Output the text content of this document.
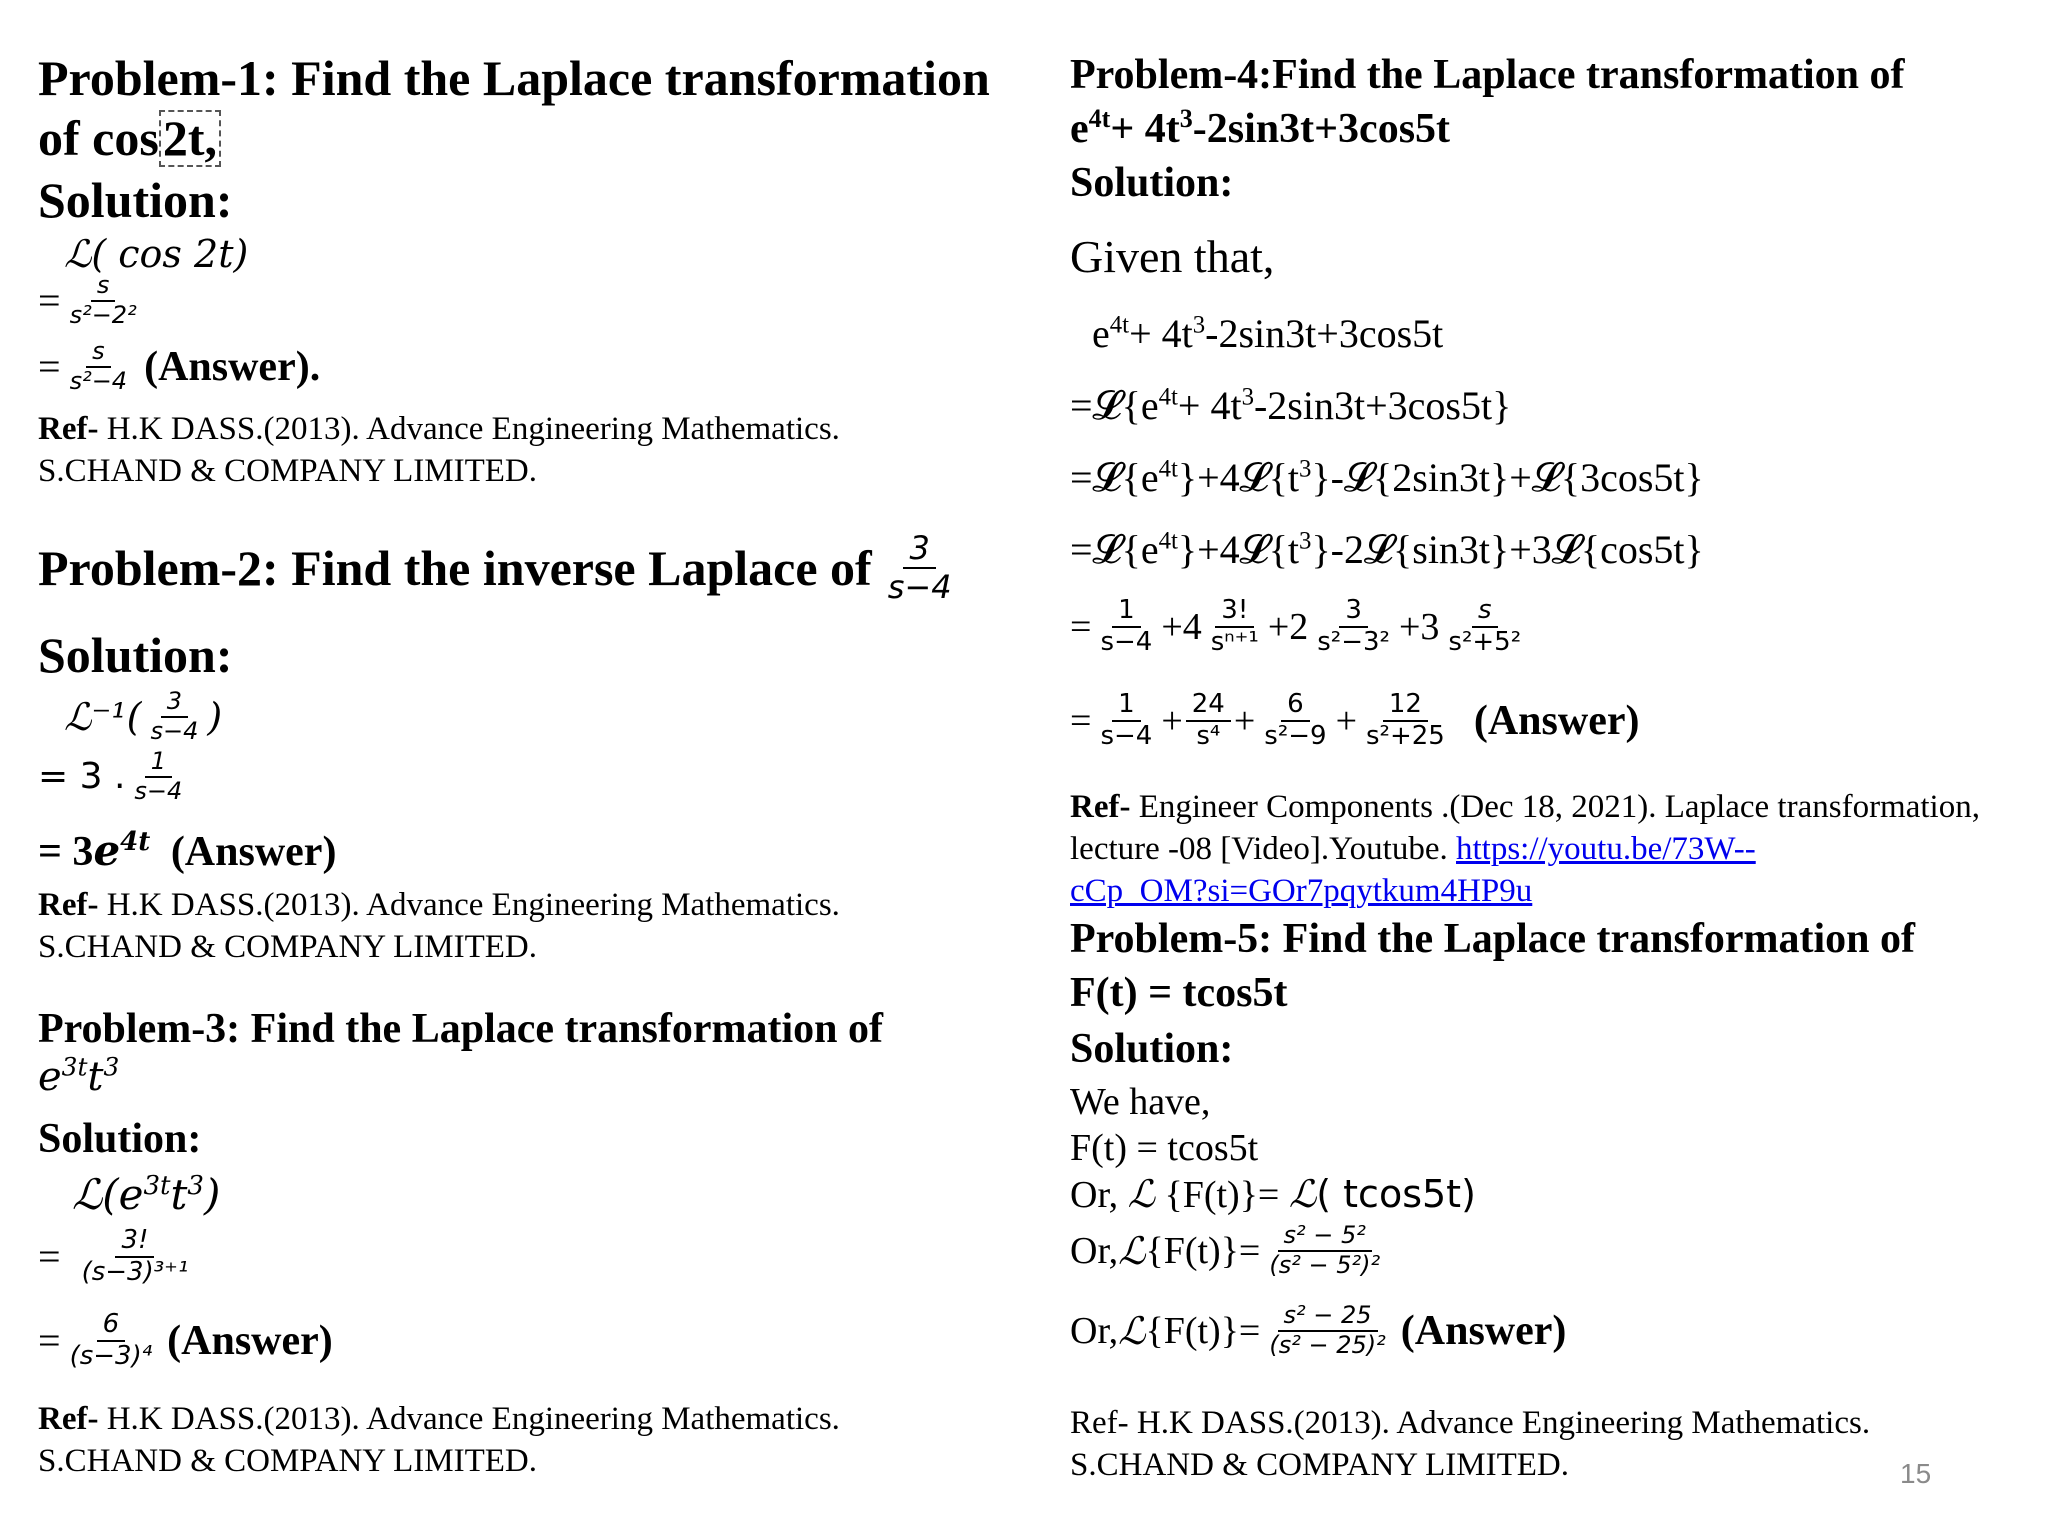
Problem-1: Find the Laplace transformation
of cos2t,
Solution:
ℒ( cos 2t)
= $\frac{s}{\text{s²−2²}}$
= $\frac{s}{\text{s²−4}}$ (Answer).
Ref- H.K DASS.(2013). Advance Engineering Mathematics.
S.CHAND & COMPANY LIMITED.
Problem-2: Find the inverse Laplace of $\frac{3}{s-4}$
Solution:
ℒ⁻¹( $\frac{3}{s-4}$ )
= 3 . $\frac{1}{s-4}$
= $3e^{4t}$ (Answer)
Ref- H.K DASS.(2013). Advance Engineering Mathematics.
S.CHAND & COMPANY LIMITED.
Problem-3: Find the Laplace transformation of
$e^{3t}t^3$
Solution:
$ℒ(e^{3t}t^3)$
= $\frac{3!}{\text{(s−3)³⁺¹}}$
= $\frac{6}{\text{(s−3)⁴}}$ (Answer)
Ref- H.K DASS.(2013). Advance Engineering Mathematics.
S.CHAND & COMPANY LIMITED.
Problem-4:Find the Laplace transformation of
$e^{4t}+ 4t^3-2\sin 3t+3\cos 5t$
Solution:
Given that,
$e^{4t}+ 4t^3-2\sin 3t+3\cos 5t$
$=𝓛\{e^{4t}+ 4t^3-2\sin 3t+3\cos 5t\}$
$=𝓛\{e^{4t}\}+4𝓛\{t^3\}-𝓛\{2\sin 3t\}+𝓛\{3\cos 5t\}$
$=𝓛\{e^{4t}\}+4𝓛\{t^3\}-2𝓛\{\sin 3t\}+3𝓛\{\cos 5t\}$
= $\frac{1}{s-4} +4 \frac{3!}{\text{sⁿ⁺¹}} +2 \frac{3}{\text{s²−3²}} +3 \frac{s}{\text{s²+5²}}$
= $\frac{1}{s-4} + \frac{24}{\text{s⁴}} + \frac{6}{\text{s²−9}} + \frac{12}{\text{s²+25}}$ (Answer)
Ref- Engineer Components .(Dec 18, 2021). Laplace transformation,
lecture -08 [Video].Youtube. https://youtu.be/73W--
cCp_OM?si=GOr7pqytkum4HP9u
Problem-5: Find the Laplace transformation of
F(t) = tcos5t
Solution:
We have,
F(t) = tcos5t
Or, ℒ {F(t)}= ℒ( tcos5t)
Or, ℒ $\{F(t)\}= \frac{\text{s² − 5²}}{\text{(s² − 5²)²}}$
Or, ℒ $\{F(t)\}= \frac{\text{s² − 25}}{\text{(s² − 25)²}}$ (Answer)
Ref- H.K DASS.(2013). Advance Engineering Mathematics.
S.CHAND & COMPANY LIMITED.	15
